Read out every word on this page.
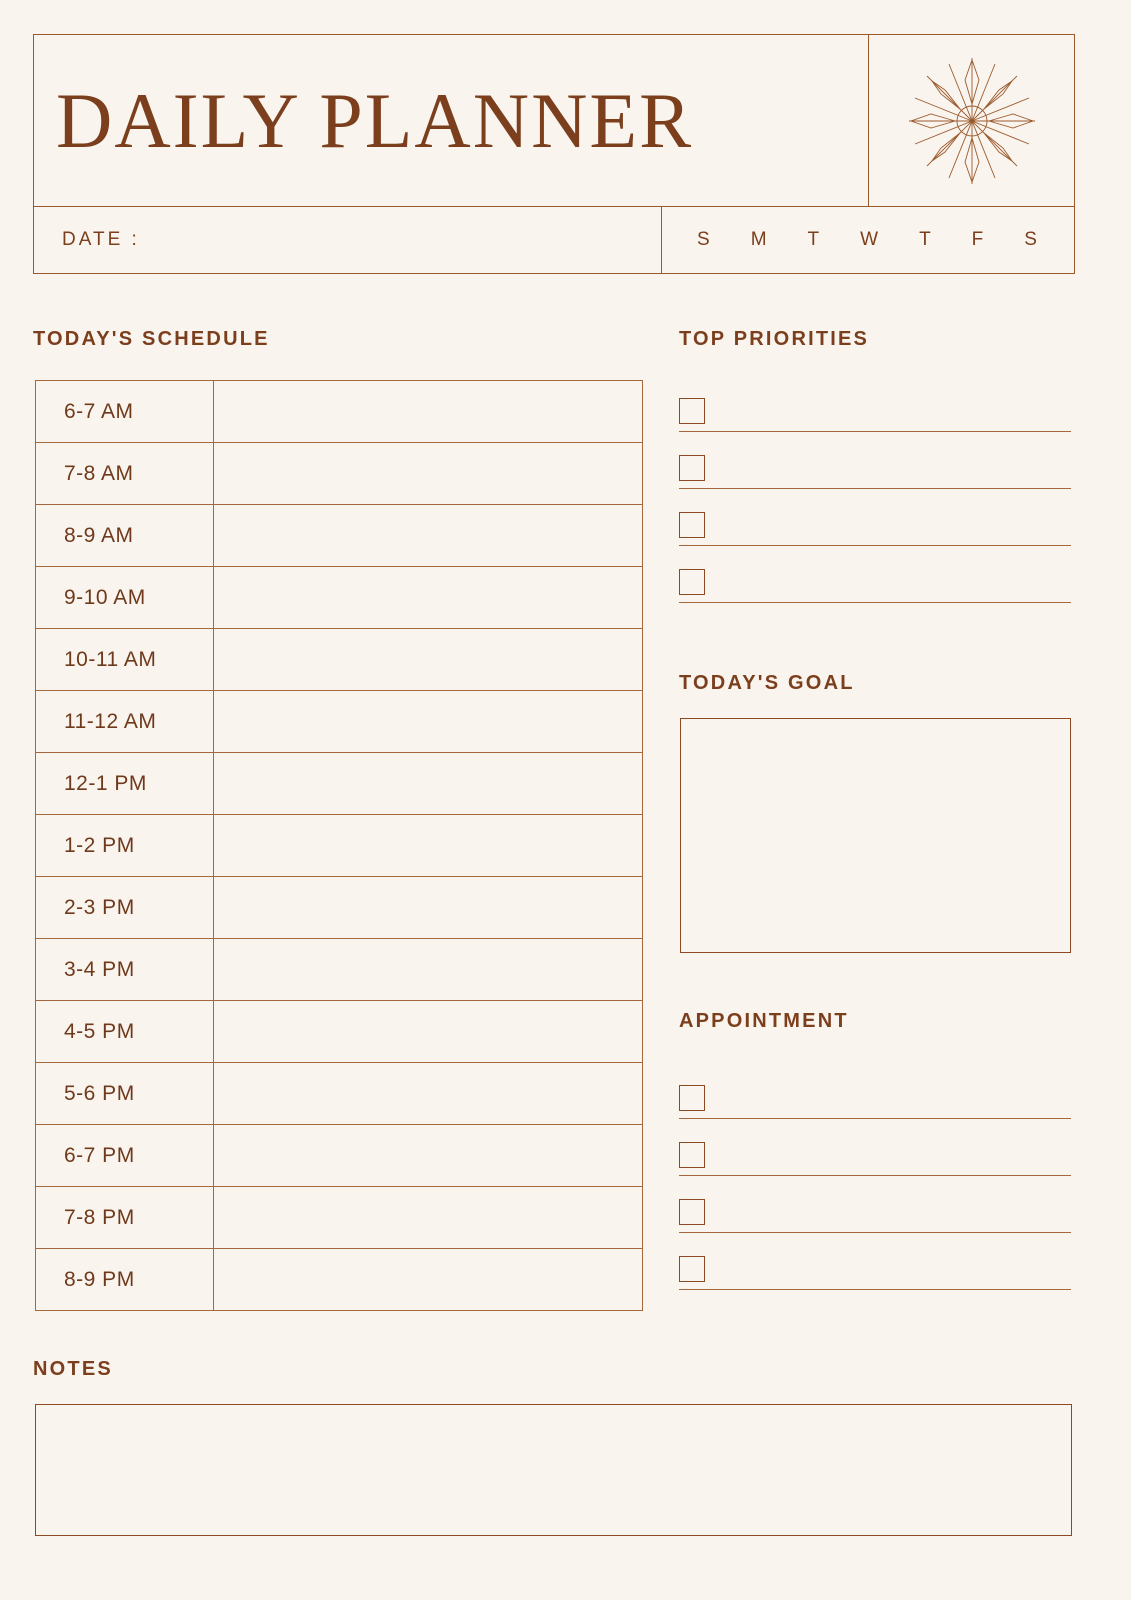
DAILY PLANNER
DATE :	S M T W T F S
TODAY'S SCHEDULE	TOP PRIORITIES
TODAY'S GOAL
APPOINTMENT
NOTES
6-7 AM	
7-8 AM	
8-9 AM	
9-10 AM	
10-11 AM	
11-12 AM	
12-1 PM	
1-2 PM	
2-3 PM	
3-4 PM	
4-5 PM	
5-6 PM	
6-7 PM	
7-8 PM	
8-9 PM	
